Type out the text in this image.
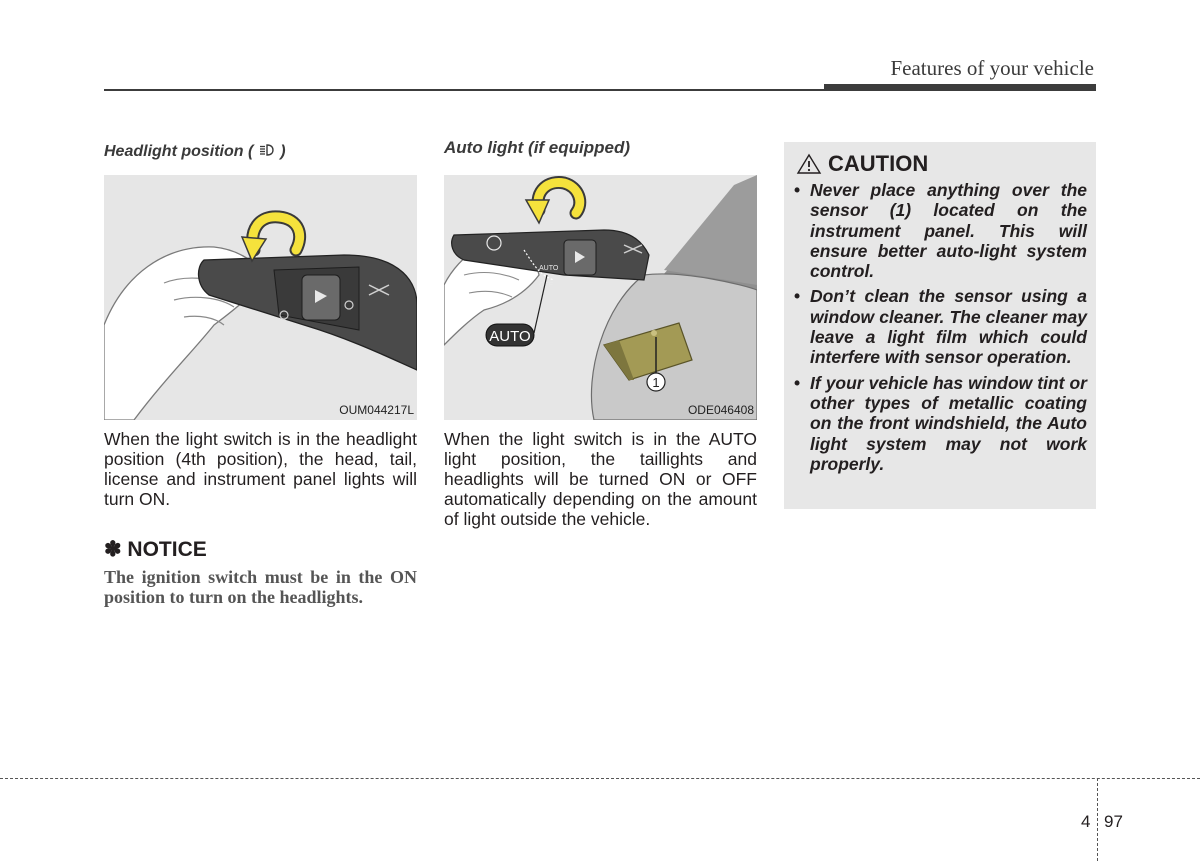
Features of your vehicle
Headlight position ( )
OUM044217L
When the light switch is in the headlight position (4th position), the head, tail, license and instrument panel lights will turn ON.
✽ NOTICE
The ignition switch must be in the ON position to turn on the headlights.
Auto light (if equipped)
1
AUTO
OFF
AUTO
ODE046408
When the light switch is in the AUTO light position, the taillights and headlights will be turned ON or OFF automatically depending on the amount of light outside the vehicle.
CAUTION
• Never place anything over the sensor (1) located on the instrument panel. This will ensure better auto-light system control.
• Don’t clean the sensor using a window cleaner. The cleaner may leave a light film which could interfere with sensor operation.
• If your vehicle has window tint or other types of metallic coating on the front windshield, the Auto light system may not work properly.
4 97
